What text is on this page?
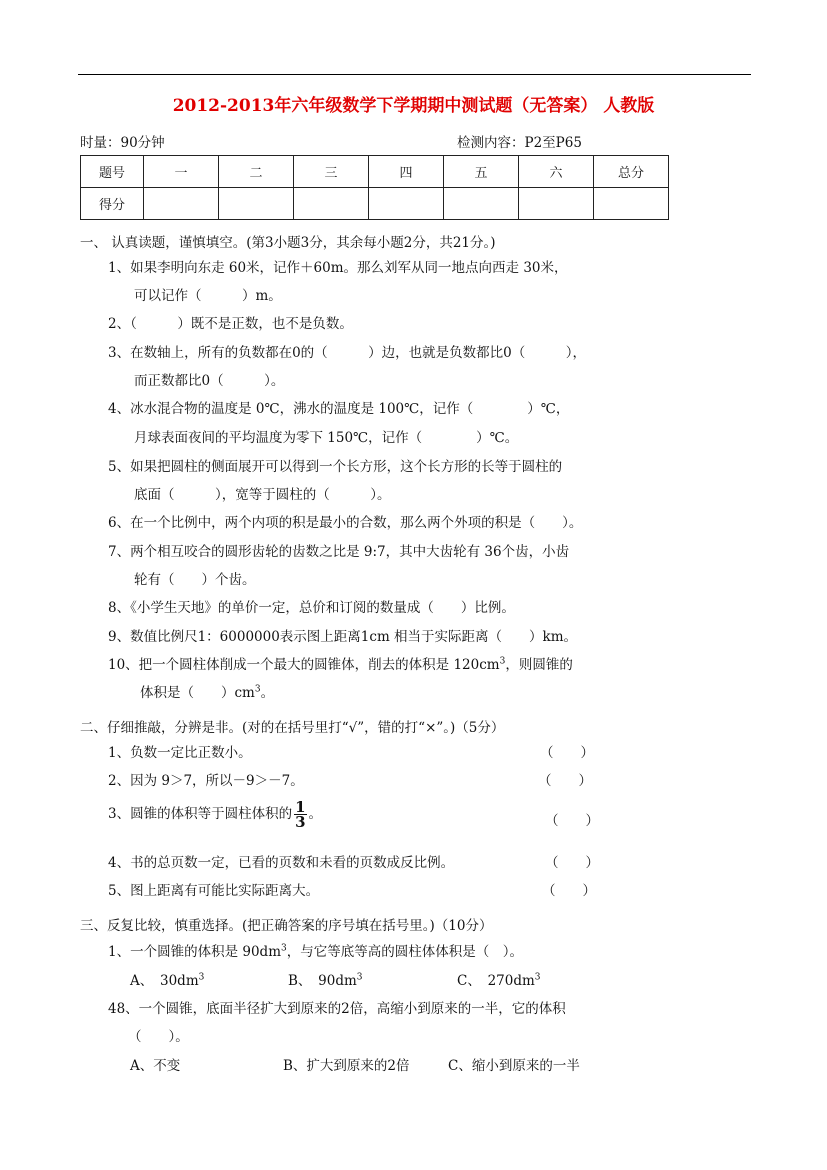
2012-2013年六年级数学下学期期中测试题（无答案） 人教版
时量：90分钟	检测内容：P2至P65
题号	一	二	三	四	五	六	总分
得分							
一、 认真读题，谨慎填空。(第3小题3分，其余每小题2分，共21分。)
1、如果李明向东走 60米，记作＋60m。那么刘军从同一地点向西走 30米，
可以记作（　　　）m。
2、（　　　）既不是正数，也不是负数。
3、在数轴上，所有的负数都在0的（　　　）边，也就是负数都比0（　　　），
而正数都比0（　　　）。
4、冰水混合物的温度是 0℃，沸水的温度是 100℃，记作（　　　　）℃，
月球表面夜间的平均温度为零下 150℃，记作（　　　　）℃。
5、如果把圆柱的侧面展开可以得到一个长方形，这个长方形的长等于圆柱的
底面（　　　），宽等于圆柱的（　　　）。
6、在一个比例中，两个内项的积是最小的合数，那么两个外项的积是（　　）。
7、两个相互咬合的圆形齿轮的齿数之比是 9:7，其中大齿轮有 36个齿，小齿
轮有（　　）个齿。
8、《小学生天地》的单价一定，总价和订阅的数量成（　　）比例。
9、数值比例尺1：6000000表示图上距离1cm 相当于实际距离（　　）km。
10、把一个圆柱体削成一个最大的圆锥体，削去的体积是 $120cm^3$，则圆锥的
体积是（　　）$cm^3$。
二、仔细推敲，分辨是非。(对的在括号里打“√”，错的打“×”。)（5分）
1、负数一定比正数小。	（　　）
2、因为 9＞7，所以－9＞－7。	（　　）
3、圆锥的体积等于圆柱体积的 $\frac{1}{3}$ 。	（　　）
4、书的总页数一定，已看的页数和未看的页数成反比例。	（　　）
5、图上距离有可能比实际距离大。	（　　）
三、反复比较，慎重选择。(把正确答案的序号填在括号里。)（10分）
1、一个圆锥的体积是 $90dm^3$，与它等底等高的圆柱体体积是（　）。
A、　$30dm^3$	B、　$90dm^3$	C、　$270dm^3$
48、一个圆锥，底面半径扩大到原来的2倍，高缩小到原来的一半，它的体积
（　　）。
A、不变	B、扩大到原来的2倍	C、缩小到原来的一半
